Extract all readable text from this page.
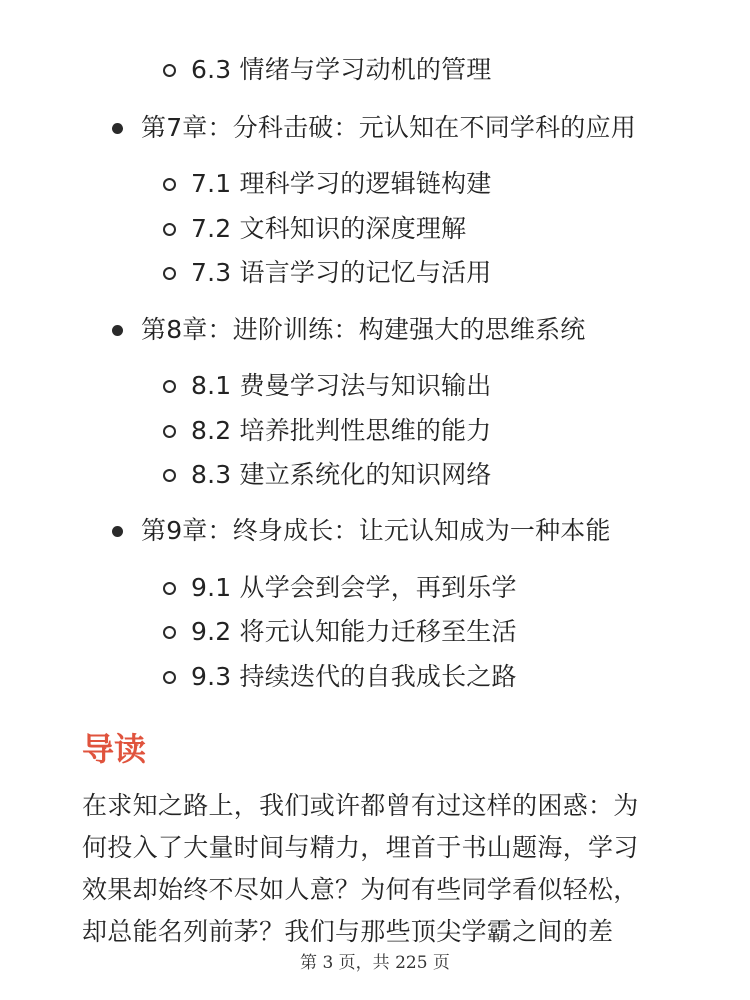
6.3 情绪与学习动机的管理
第7章：分科击破：元认知在不同学科的应用
7.1 理科学习的逻辑链构建
7.2 文科知识的深度理解
7.3 语言学习的记忆与活用
第8章：进阶训练：构建强大的思维系统
8.1 费曼学习法与知识输出
8.2 培养批判性思维的能力
8.3 建立系统化的知识网络
第9章：终身成长：让元认知成为一种本能
9.1 从学会到会学，再到乐学
9.2 将元认知能力迁移至生活
9.3 持续迭代的自我成长之路
导读
在求知之路上，我们或许都曾有过这样的困惑：为
何投入了大量时间与精力，埋首于书山题海，学习
效果却始终不尽如人意？为何有些同学看似轻松，
却总能名列前茅？我们与那些顶尖学霸之间的差
第 3 页，共 225 页
